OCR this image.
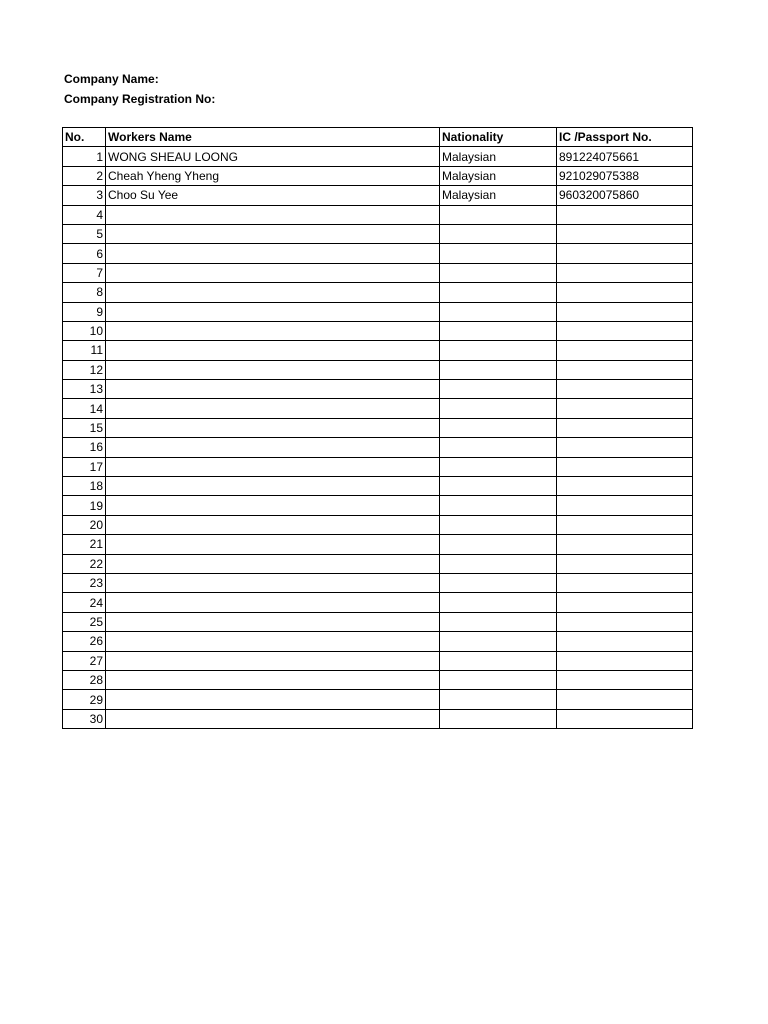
Company Name:
Company Registration No:
No.	Workers Name	Nationality	IC /Passport No.
1	WONG SHEAU LOONG	Malaysian	891224075661
2	Cheah Yheng Yheng	Malaysian	921029075388
3	Choo Su Yee	Malaysian	960320075860
4			
5			
6			
7			
8			
9			
10			
11			
12			
13			
14			
15			
16			
17			
18			
19			
20			
21			
22			
23			
24			
25			
26			
27			
28			
29			
30			
